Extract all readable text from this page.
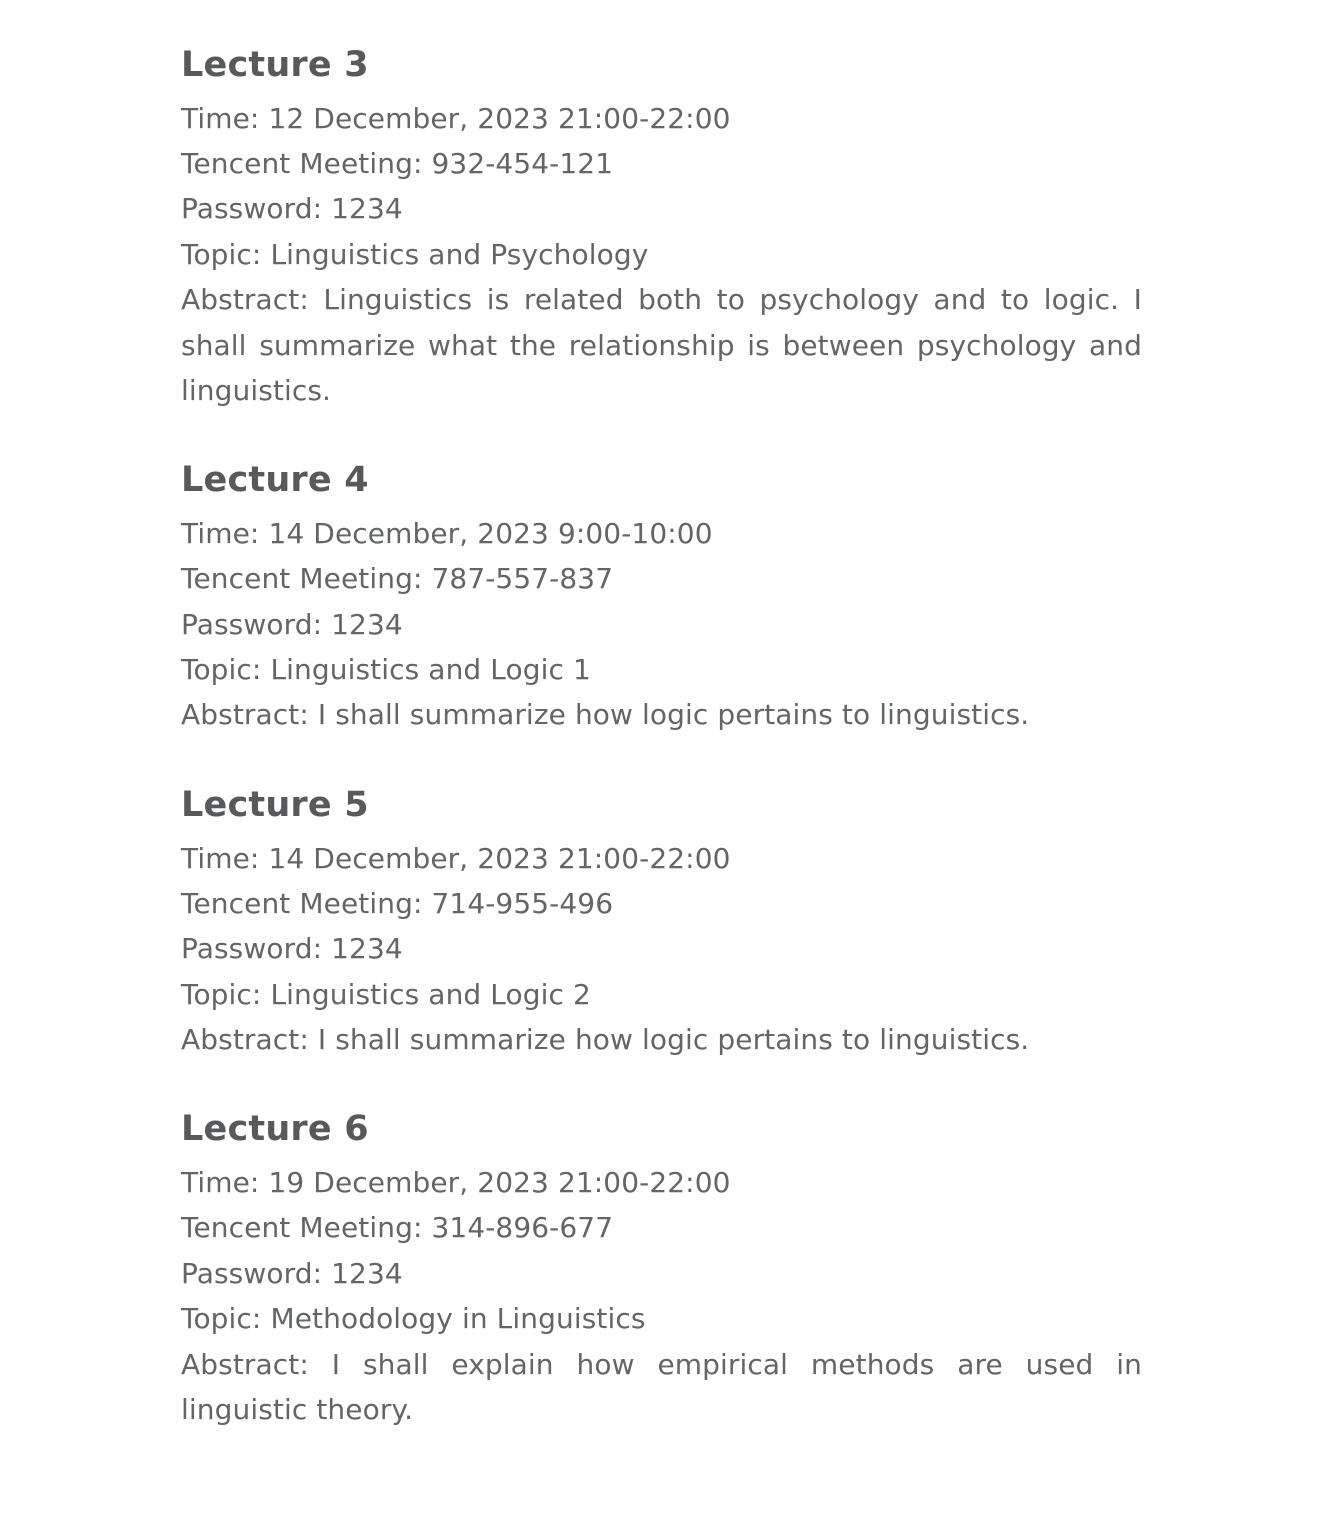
Lecture 3

Time: 12 December, 2023 21:00-22:00

Tencent Meeting: 932-454-121

Password: 1234

Topic: Linguistics and Psychology

Abstract: Linguistics is related both to psychology and to logic. I shall summarize what the relationship is between psychology and linguistics.

Lecture 4

Time: 14 December, 2023 9:00-10:00

Tencent Meeting: 787-557-837

Password: 1234

Topic: Linguistics and Logic 1

Abstract: I shall summarize how logic pertains to linguistics.

Lecture 5

Time: 14 December, 2023 21:00-22:00

Tencent Meeting: 714-955-496

Password: 1234

Topic: Linguistics and Logic 2

Abstract: I shall summarize how logic pertains to linguistics.

Lecture 6

Time: 19 December, 2023 21:00-22:00

Tencent Meeting: 314-896-677

Password: 1234

Topic: Methodology in Linguistics

Abstract: I shall explain how empirical methods are used in linguistic theory.
